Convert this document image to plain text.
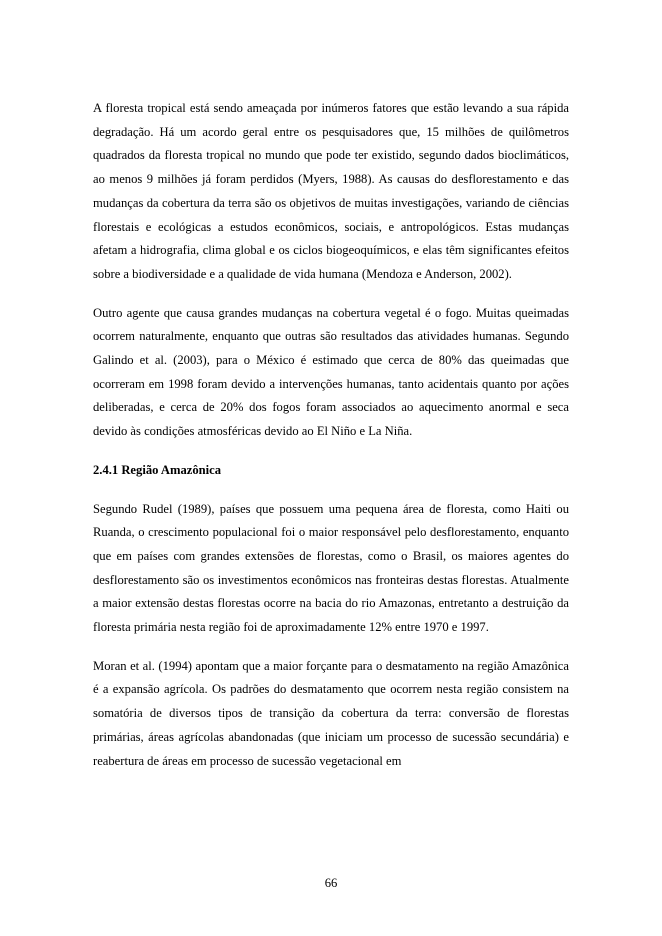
A floresta tropical está sendo ameaçada por inúmeros fatores que estão levando a sua rápida degradação. Há um acordo geral entre os pesquisadores que, 15 milhões de quilômetros quadrados da floresta tropical no mundo que pode ter existido, segundo dados bioclimáticos, ao menos 9 milhões já foram perdidos (Myers, 1988). As causas do desflorestamento e das mudanças da cobertura da terra são os objetivos de muitas investigações, variando de ciências florestais e ecológicas a estudos econômicos, sociais, e antropológicos. Estas mudanças afetam a hidrografia, clima global e os ciclos biogeoquímicos, e elas têm significantes efeitos sobre a biodiversidade e a qualidade de vida humana (Mendoza e Anderson, 2002).

Outro agente que causa grandes mudanças na cobertura vegetal é o fogo. Muitas queimadas ocorrem naturalmente, enquanto que outras são resultados das atividades humanas. Segundo Galindo et al. (2003), para o México é estimado que cerca de 80% das queimadas que ocorreram em 1998 foram devido a intervenções humanas, tanto acidentais quanto por ações deliberadas, e cerca de 20% dos fogos foram associados ao aquecimento anormal e seca devido às condições atmosféricas devido ao El Niño e La Niña.

2.4.1 Região Amazônica

Segundo Rudel (1989), países que possuem uma pequena área de floresta, como Haiti ou Ruanda, o crescimento populacional foi o maior responsável pelo desflorestamento, enquanto que em países com grandes extensões de florestas, como o Brasil, os maiores agentes do desflorestamento são os investimentos econômicos nas fronteiras destas florestas. Atualmente a maior extensão destas florestas ocorre na bacia do rio Amazonas, entretanto a destruição da floresta primária nesta região foi de aproximadamente 12% entre 1970 e 1997.

Moran et al. (1994) apontam que a maior forçante para o desmatamento na região Amazônica é a expansão agrícola. Os padrões do desmatamento que ocorrem nesta região consistem na somatória de diversos tipos de transição da cobertura da terra: conversão de florestas primárias, áreas agrícolas abandonadas (que iniciam um processo de sucessão secundária) e reabertura de áreas em processo de sucessão vegetacional em

66
